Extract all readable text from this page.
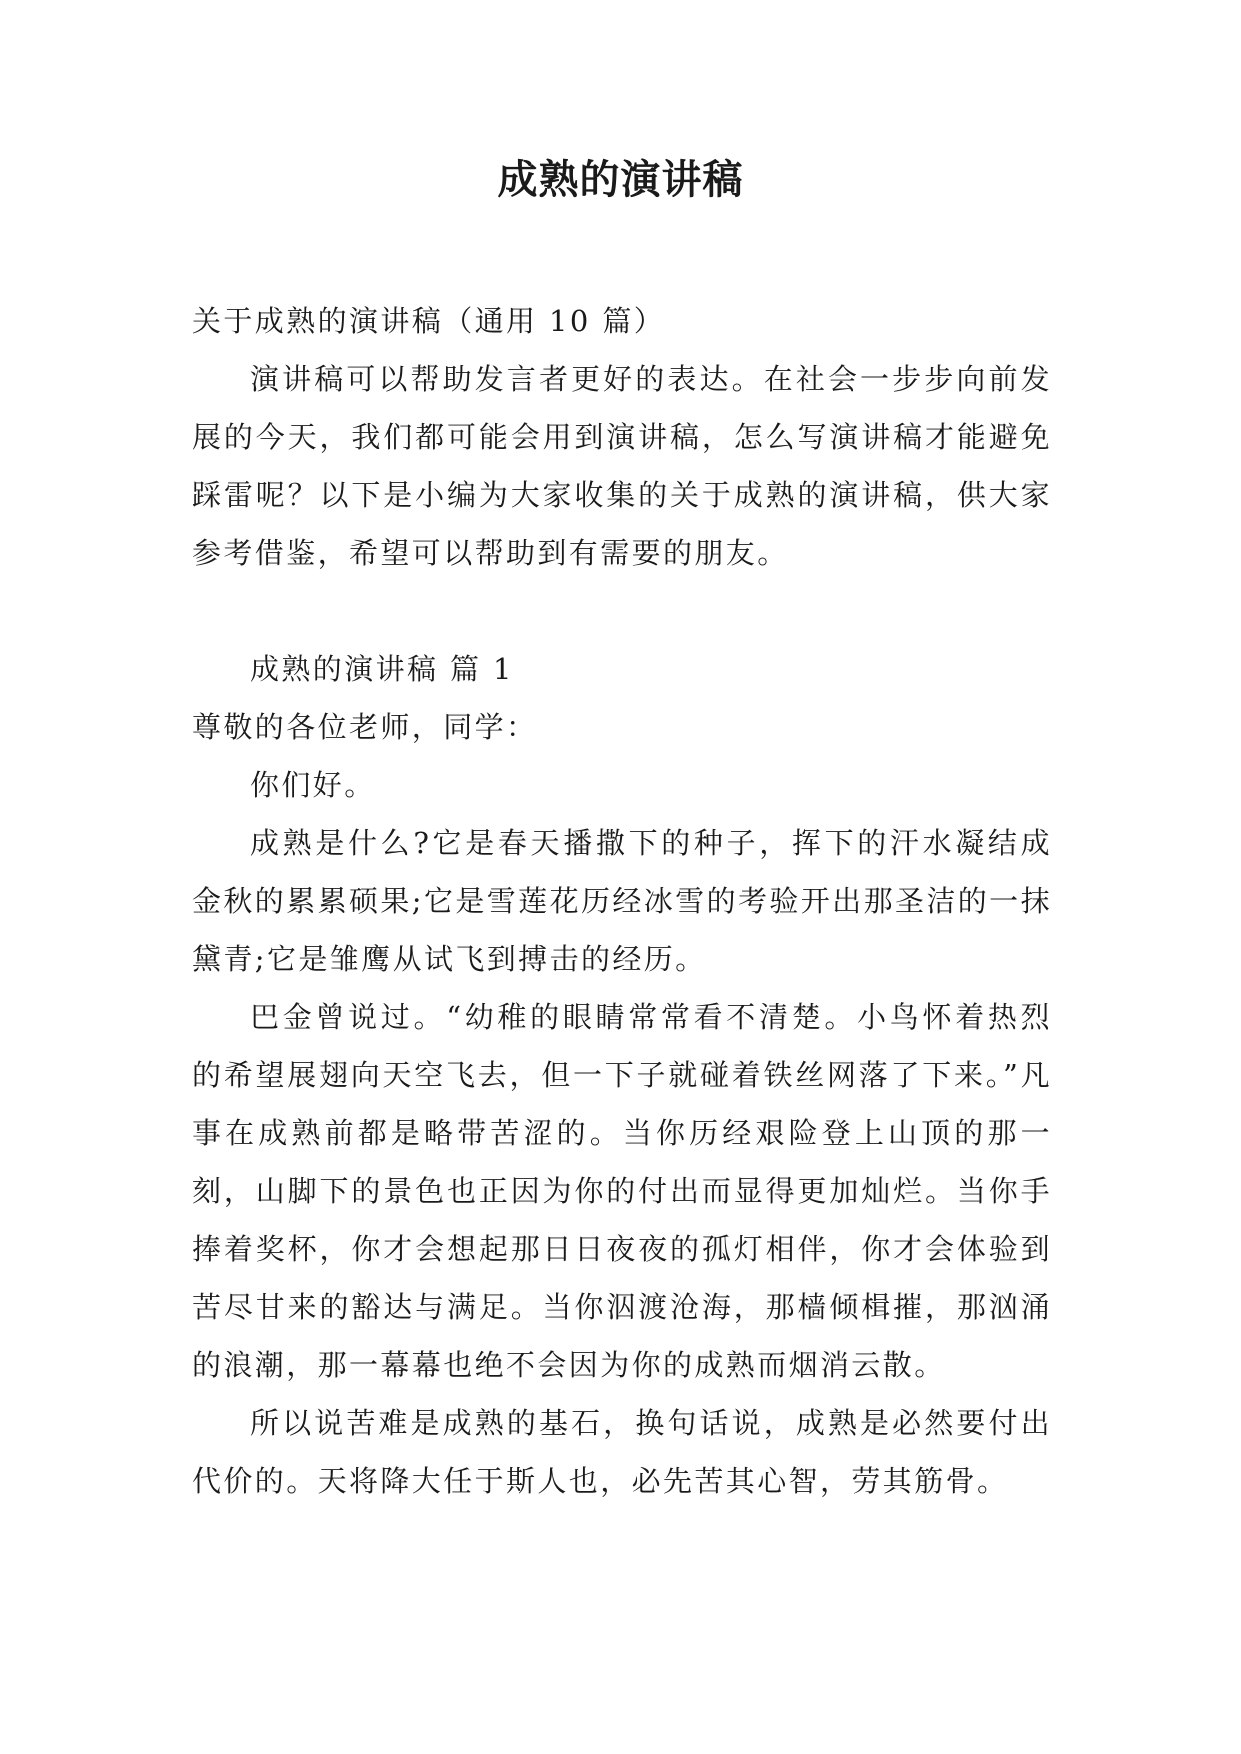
成熟的演讲稿

关于成熟的演讲稿（通用 10 篇）

演讲稿可以帮助发言者更好的表达。在社会一步步向前发展的今天，我们都可能会用到演讲稿，怎么写演讲稿才能避免踩雷呢？以下是小编为大家收集的关于成熟的演讲稿，供大家参考借鉴，希望可以帮助到有需要的朋友。

成熟的演讲稿 篇 1

尊敬的各位老师，同学：

你们好。

成熟是什么?它是春天播撒下的种子，挥下的汗水凝结成金秋的累累硕果;它是雪莲花历经冰雪的考验开出那圣洁的一抹黛青;它是雏鹰从试飞到搏击的经历。

巴金曾说过。“幼稚的眼睛常常看不清楚。小鸟怀着热烈的希望展翅向天空飞去，但一下子就碰着铁丝网落了下来。”凡事在成熟前都是略带苦涩的。当你历经艰险登上山顶的那一刻，山脚下的景色也正因为你的付出而显得更加灿烂。当你手捧着奖杯，你才会想起那日日夜夜的孤灯相伴，你才会体验到苦尽甘来的豁达与满足。当你泅渡沧海，那樯倾楫摧，那汹涌的浪潮，那一幕幕也绝不会因为你的成熟而烟消云散。

所以说苦难是成熟的基石，换句话说，成熟是必然要付出代价的。天将降大任于斯人也，必先苦其心智，劳其筋骨。
